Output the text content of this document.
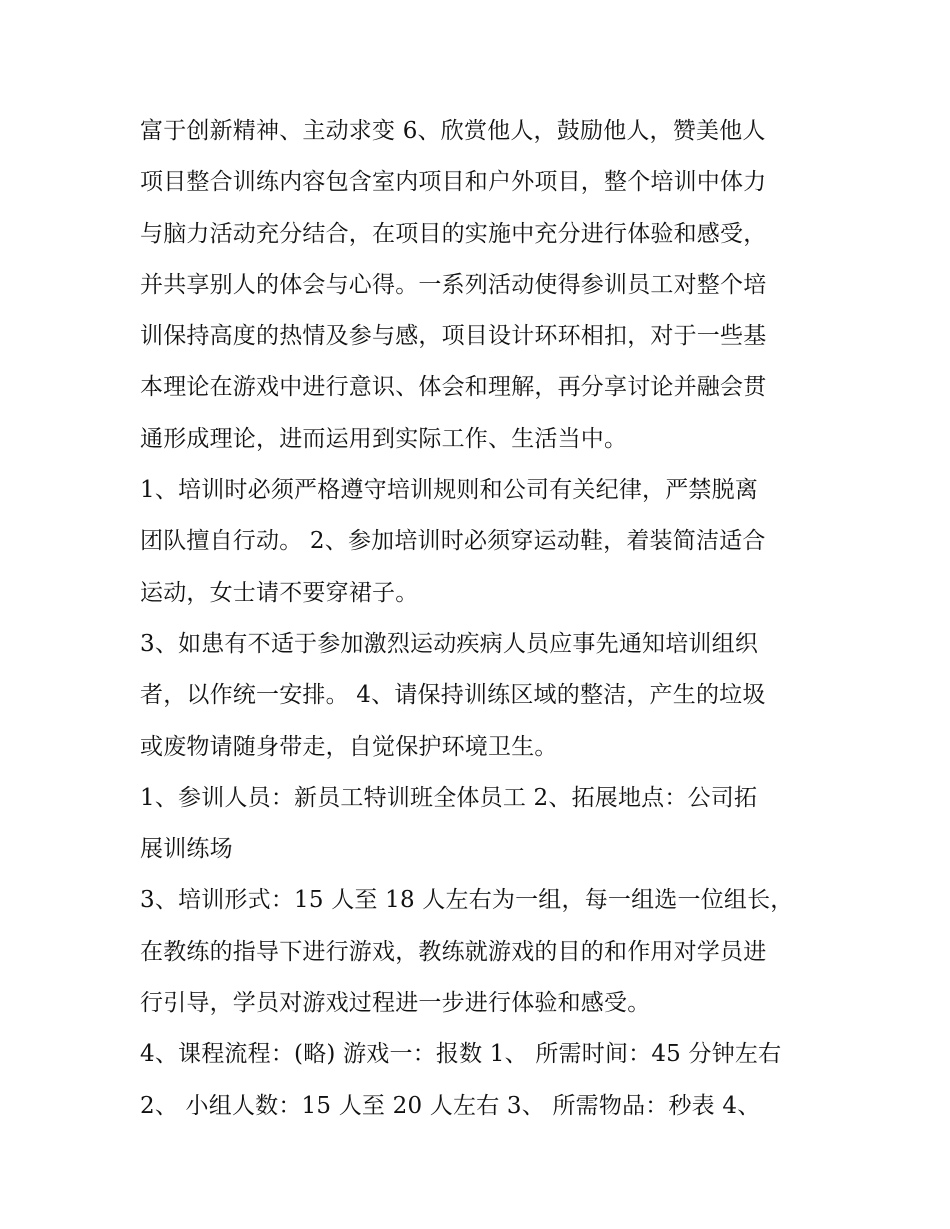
富于创新精神、主动求变 6、欣赏他人，鼓励他人，赞美他人
项目整合训练内容包含室内项目和户外项目，整个培训中体力
与脑力活动充分结合，在项目的实施中充分进行体验和感受，
并共享别人的体会与心得。一系列活动使得参训员工对整个培
训保持高度的热情及参与感，项目设计环环相扣，对于一些基
本理论在游戏中进行意识、体会和理解，再分享讨论并融会贯
通形成理论，进而运用到实际工作、生活当中。
1、培训时必须严格遵守培训规则和公司有关纪律，严禁脱离
团队擅自行动。 2、参加培训时必须穿运动鞋，着装简洁适合
运动，女士请不要穿裙子。
3、如患有不适于参加激烈运动疾病人员应事先通知培训组织
者，以作统一安排。 4、请保持训练区域的整洁，产生的垃圾
或废物请随身带走，自觉保护环境卫生。
1、参训人员：新员工特训班全体员工 2、拓展地点：公司拓
展训练场
3、培训形式：15 人至 18 人左右为一组，每一组选一位组长，
在教练的指导下进行游戏，教练就游戏的目的和作用对学员进
行引导，学员对游戏过程进一步进行体验和感受。
4、课程流程：(略) 游戏一：报数 1、 所需时间：45 分钟左右
2、 小组人数：15 人至 20 人左右 3、 所需物品：秒表 4、
